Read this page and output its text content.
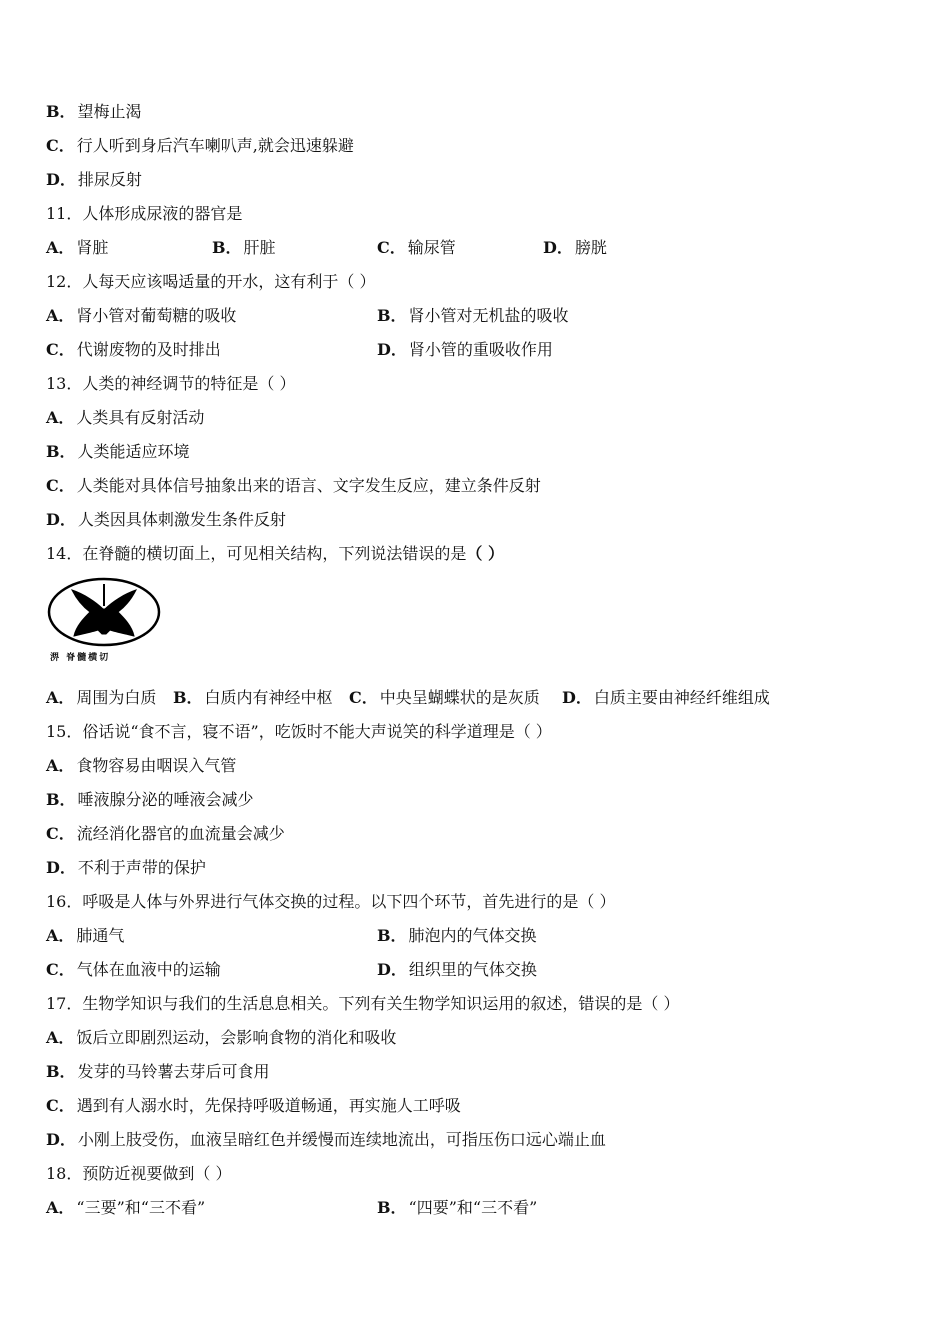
B． 望梅止渴
C． 行人听到身后汽车喇叭声,就会迅速躲避
D． 排尿反射
11．人体形成尿液的器官是
A． 肾脏	B． 肝脏	C． 输尿管	D． 膀胱
12．人每天应该喝适量的开水，这有利于（ ）
A． 肾小管对葡萄糖的吸收	B． 肾小管对无机盐的吸收
C． 代谢废物的及时排出	D． 肾小管的重吸收作用
13．人类的神经调节的特征是（ ）
A． 人类具有反射活动
B． 人类能适应环境
C． 人类能对具体信号抽象出来的语言、文字发生反应，建立条件反射
D． 人类因具体刺激发生条件反射
14．在脊髓的横切面上，可见相关结构，下列说法错误的是（ ）
淠 脊髓横切
A． 周围为白质 B． 白质内有神经中枢 C． 中央呈蝴蝶状的是灰质 D． 白质主要由神经纤维组成
15．俗话说“食不言，寝不语”，吃饭时不能大声说笑的科学道理是（ ）
A． 食物容易由咽误入气管
B． 唾液腺分泌的唾液会减少
C． 流经消化器官的血流量会减少
D． 不利于声带的保护
16．呼吸是人体与外界进行气体交换的过程。以下四个环节，首先进行的是（ ）
A． 肺通气	B． 肺泡内的气体交换
C． 气体在血液中的运输	D． 组织里的气体交换
17．生物学知识与我们的生活息息相关。下列有关生物学知识运用的叙述，错误的是（ ）
A． 饭后立即剧烈运动，会影响食物的消化和吸收
B． 发芽的马铃薯去芽后可食用
C． 遇到有人溺水时，先保持呼吸道畅通，再实施人工呼吸
D． 小刚上肢受伤，血液呈暗红色并缓慢而连续地流出，可指压伤口远心端止血
18．预防近视要做到（ ）
A． “三要”和“三不看”	B． “四要”和“三不看”
